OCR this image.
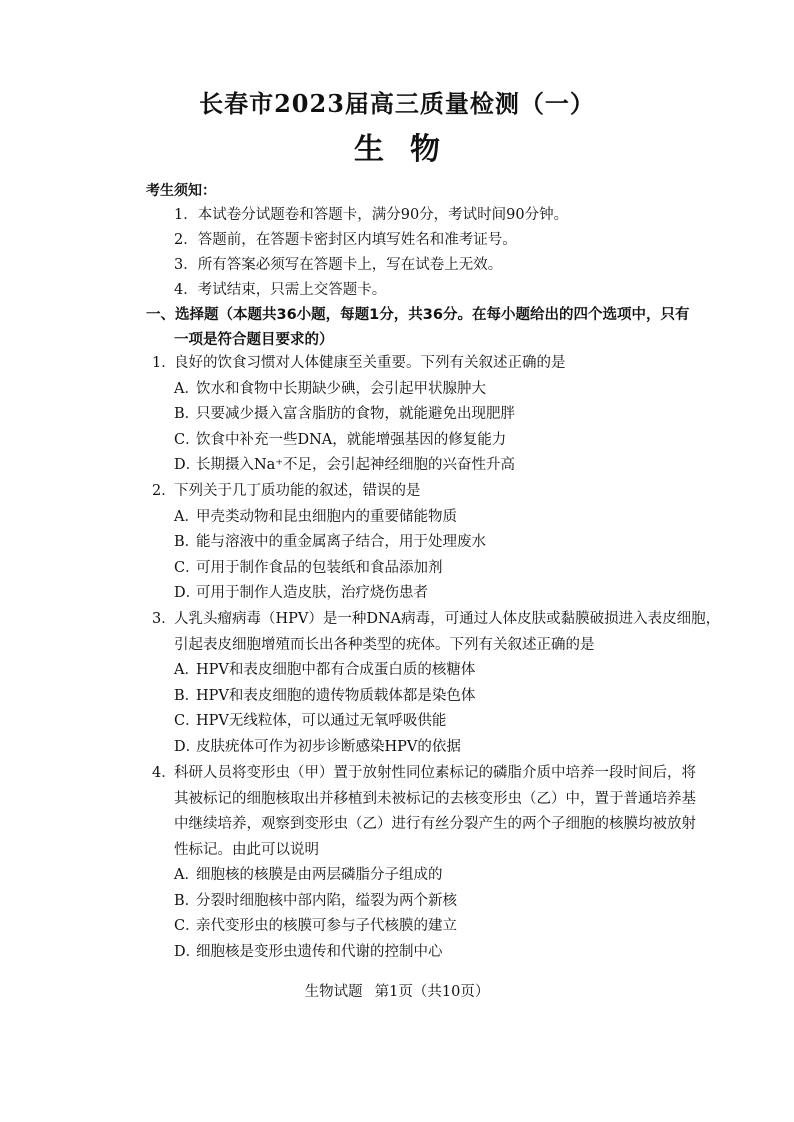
长春市2023届高三质量检测（一）
生物
考生须知：
1．本试卷分试题卷和答题卡，满分90分，考试时间90分钟。
2．答题前，在答题卡密封区内填写姓名和准考证号。
3．所有答案必须写在答题卡上，写在试卷上无效。
4．考试结束，只需上交答题卡。
一、选择题（本题共36小题，每题1分，共36分。在每小题给出的四个选项中，只有
一项是符合题目要求的）
1．良好的饮食习惯对人体健康至关重要。下列有关叙述正确的是
A．饮水和食物中长期缺少碘，会引起甲状腺肿大
B．只要减少摄入富含脂肪的食物，就能避免出现肥胖
C．饮食中补充一些DNA，就能增强基因的修复能力
D．长期摄入Na⁺不足，会引起神经细胞的兴奋性升高
2．下列关于几丁质功能的叙述，错误的是
A．甲壳类动物和昆虫细胞内的重要储能物质
B．能与溶液中的重金属离子结合，用于处理废水
C．可用于制作食品的包装纸和食品添加剂
D．可用于制作人造皮肤，治疗烧伤患者
3．人乳头瘤病毒（HPV）是一种DNA病毒，可通过人体皮肤或黏膜破损进入表皮细胞，
引起表皮细胞增殖而长出各种类型的疣体。下列有关叙述正确的是
A．HPV和表皮细胞中都有合成蛋白质的核糖体
B．HPV和表皮细胞的遗传物质载体都是染色体
C．HPV无线粒体，可以通过无氧呼吸供能
D．皮肤疣体可作为初步诊断感染HPV的依据
4．科研人员将变形虫（甲）置于放射性同位素标记的磷脂介质中培养一段时间后，将
其被标记的细胞核取出并移植到未被标记的去核变形虫（乙）中，置于普通培养基
中继续培养，观察到变形虫（乙）进行有丝分裂产生的两个子细胞的核膜均被放射
性标记。由此可以说明
A．细胞核的核膜是由两层磷脂分子组成的
B．分裂时细胞核中部内陷，缢裂为两个新核
C．亲代变形虫的核膜可参与子代核膜的建立
D．细胞核是变形虫遗传和代谢的控制中心
生物试题 第1页（共10页）
